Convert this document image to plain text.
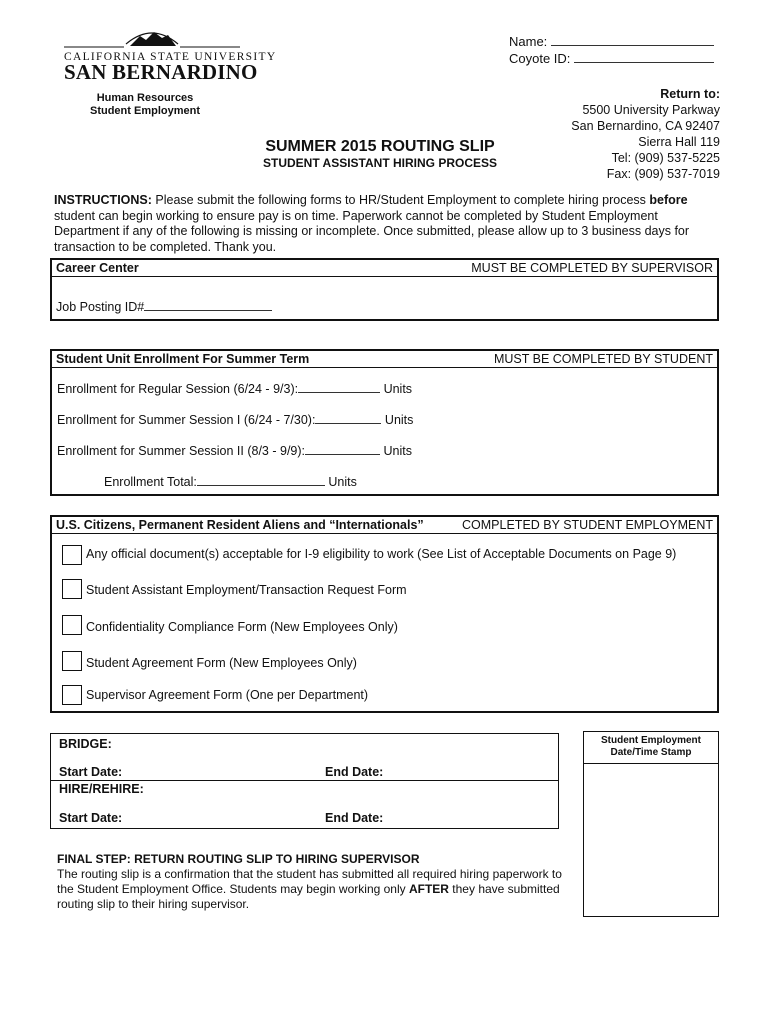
CALIFORNIA STATE UNIVERSITY
SAN BERNARDINO
Human Resources
Student Employment
Name:
Coyote ID:
Return to:
5500 University Parkway
San Bernardino, CA 92407
Sierra Hall 119
Tel: (909) 537-5225
Fax: (909) 537-7019
SUMMER 2015 ROUTING SLIP
STUDENT ASSISTANT HIRING PROCESS
INSTRUCTIONS: Please submit the following forms to HR/Student Employment to complete hiring process before student can begin working to ensure pay is on time. Paperwork cannot be completed by Student Employment Department if any of the following is missing or incomplete. Once submitted, please allow up to 3 business days for transaction to be completed. Thank you.
Career Center	MUST BE COMPLETED BY SUPERVISOR
Job Posting ID#
Student Unit Enrollment For Summer Term	MUST BE COMPLETED BY STUDENT
Enrollment for Regular Session (6/24 - 9/3):	Units
Enrollment for Summer Session I (6/24 - 7/30):	Units
Enrollment for Summer Session II (8/3 - 9/9):	Units
Enrollment Total:	Units
U.S. Citizens, Permanent Resident Aliens and “Internationals”	COMPLETED BY STUDENT EMPLOYMENT
Any official document(s) acceptable for I-9 eligibility to work (See List of Acceptable Documents on Page 9)
Student Assistant Employment/Transaction Request Form
Confidentiality Compliance Form (New Employees Only)
Student Agreement Form (New Employees Only)
Supervisor Agreement Form (One per Department)
BRIDGE:
Start Date:	End Date:
HIRE/REHIRE:
Start Date:	End Date:
Student Employment
Date/Time Stamp
FINAL STEP: RETURN ROUTING SLIP TO HIRING SUPERVISOR
The routing slip is a confirmation that the student has submitted all required hiring paperwork to the Student Employment Office. Students may begin working only AFTER they have submitted routing slip to their hiring supervisor.
